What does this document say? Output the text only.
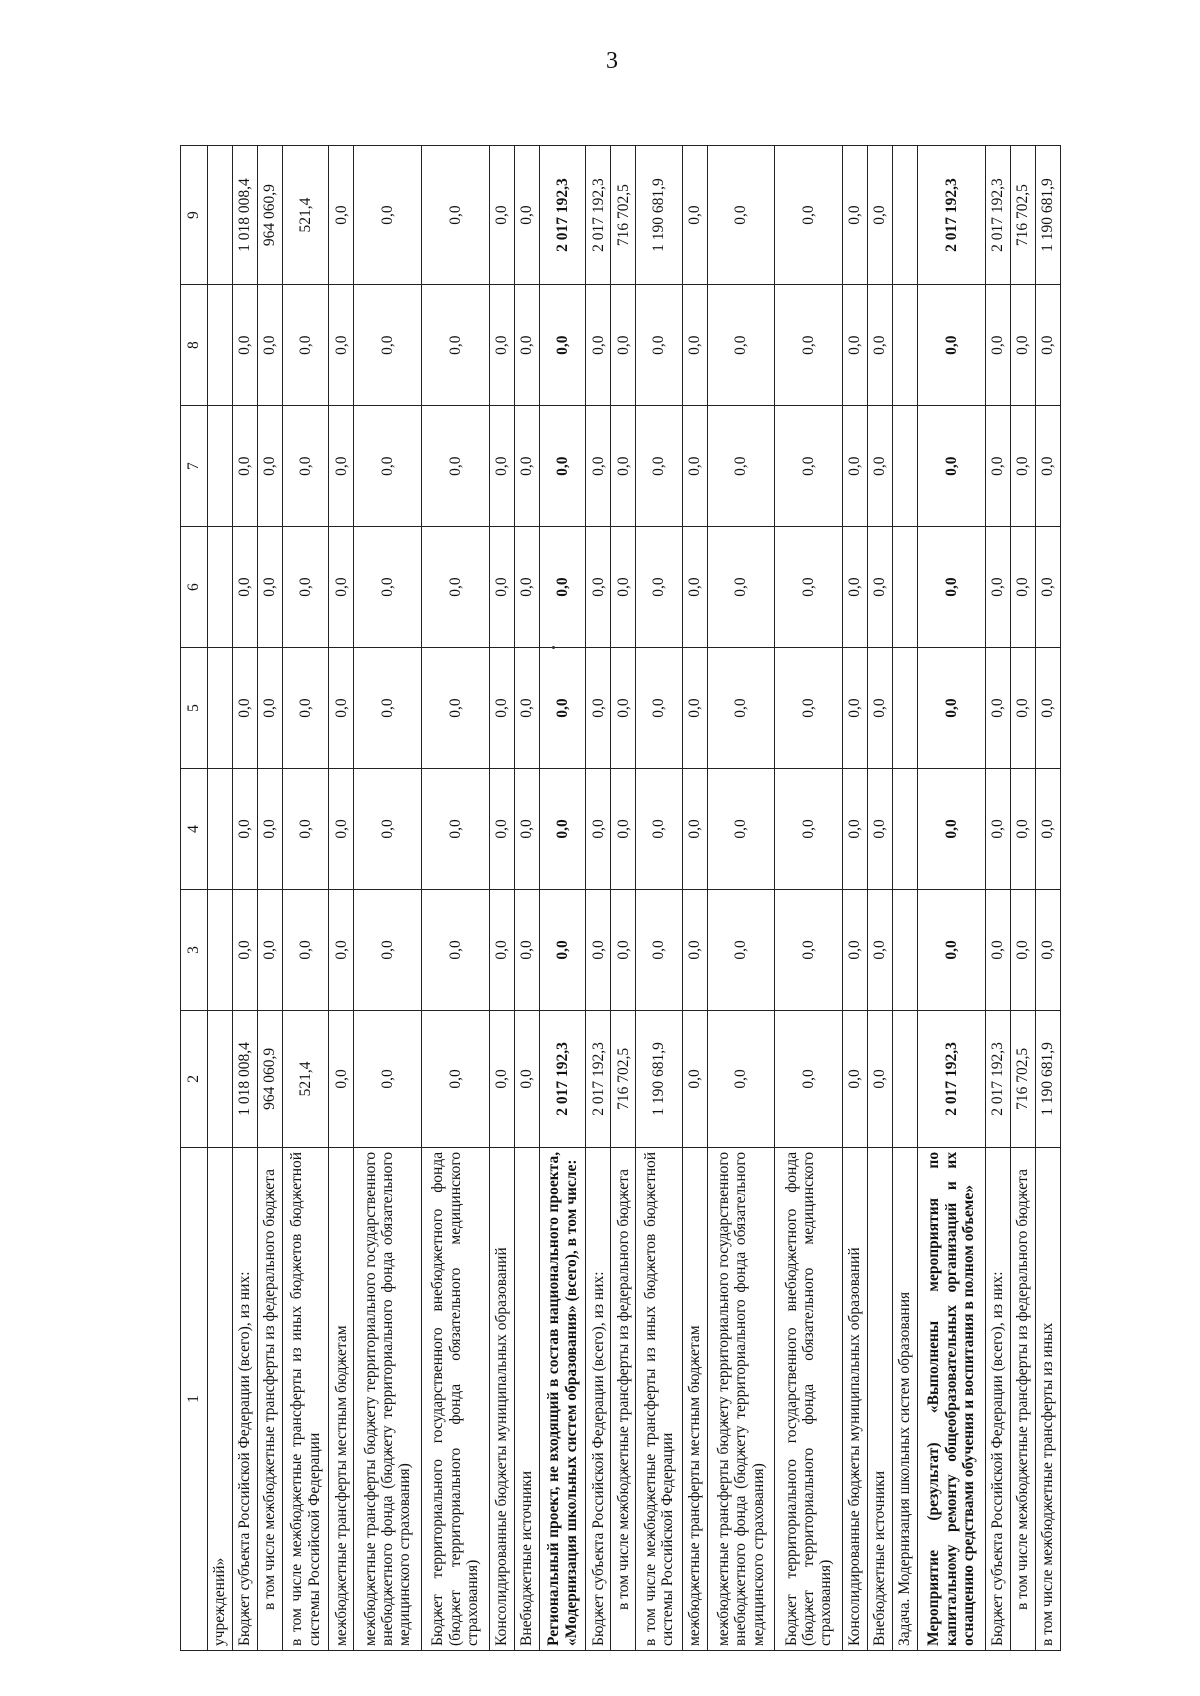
3
1	2	3	4	5	6	7	8	9
учреждений»								
Бюджет субъекта Российской Федерации (всего), из них:	1 018 008,4	0,0	0,0	0,0	0,0	0,0	0,0	1 018 008,4
в том числе межбюджетные трансферты из федерального бюджета	964 060,9	0,0	0,0	0,0	0,0	0,0	0,0	964 060,9
в том числе межбюджетные трансферты из иных бюджетов бюджетной системы Российской Федерации	521,4	0,0	0,0	0,0	0,0	0,0	0,0	521,4
межбюджетные трансферты местным бюджетам	0,0	0,0	0,0	0,0	0,0	0,0	0,0	0,0
межбюджетные трансферты бюджету территориального государственного внебюджетного фонда (бюджету территориального фонда обязательного медицинского страхования)	0,0	0,0	0,0	0,0	0,0	0,0	0,0	0,0
Бюджет территориального государственного внебюджетного фонда (бюджет территориального фонда обязательного медицинского страхования)	0,0	0,0	0,0	0,0	0,0	0,0	0,0	0,0
Консолидированные бюджеты муниципальных образований	0,0	0,0	0,0	0,0	0,0	0,0	0,0	0,0
Внебюджетные источники	0,0	0,0	0,0	0,0	0,0	0,0	0,0	0,0
Региональный проект, не входящий в состав национального проекта, «Модернизация школьных систем образования» (всего), в том числе:	2 017 192,3	0,0	0,0	0,0	0,0	0,0	0,0	2 017 192,3
Бюджет субъекта Российской Федерации (всего), из них:	2 017 192,3	0,0	0,0	0,0	0,0	0,0	0,0	2 017 192,3
в том числе межбюджетные трансферты из федерального бюджета	716 702,5	0,0	0,0	0,0	0,0	0,0	0,0	716 702,5
в том числе межбюджетные трансферты из иных бюджетов бюджетной системы Российской Федерации	1 190 681,9	0,0	0,0	0,0	0,0	0,0	0,0	1 190 681,9
межбюджетные трансферты местным бюджетам	0,0	0,0	0,0	0,0	0,0	0,0	0,0	0,0
межбюджетные трансферты бюджету территориального государственного внебюджетного фонда (бюджету территориального фонда обязательного медицинского страхования)	0,0	0,0	0,0	0,0	0,0	0,0	0,0	0,0
Бюджет территориального государственного внебюджетного фонда (бюджет территориального фонда обязательного медицинского страхования)	0,0	0,0	0,0	0,0	0,0	0,0	0,0	0,0
Консолидированные бюджеты муниципальных образований	0,0	0,0	0,0	0,0	0,0	0,0	0,0	0,0
Внебюджетные источники	0,0	0,0	0,0	0,0	0,0	0,0	0,0	0,0
Задача. Модернизация школьных систем образования								
Мероприятие (результат) «Выполнены мероприятия по капитальному ремонту общеобразовательных организаций и их оснащению средствами обучения и воспитания в полном объеме»	2 017 192,3	0,0	0,0	0,0	0,0	0,0	0,0	2 017 192,3
Бюджет субъекта Российской Федерации (всего), из них:	2 017 192,3	0,0	0,0	0,0	0,0	0,0	0,0	2 017 192,3
в том числе межбюджетные трансферты из федерального бюджета	716 702,5	0,0	0,0	0,0	0,0	0,0	0,0	716 702,5
в том числе межбюджетные трансферты из иных	1 190 681,9	0,0	0,0	0,0	0,0	0,0	0,0	1 190 681,9
